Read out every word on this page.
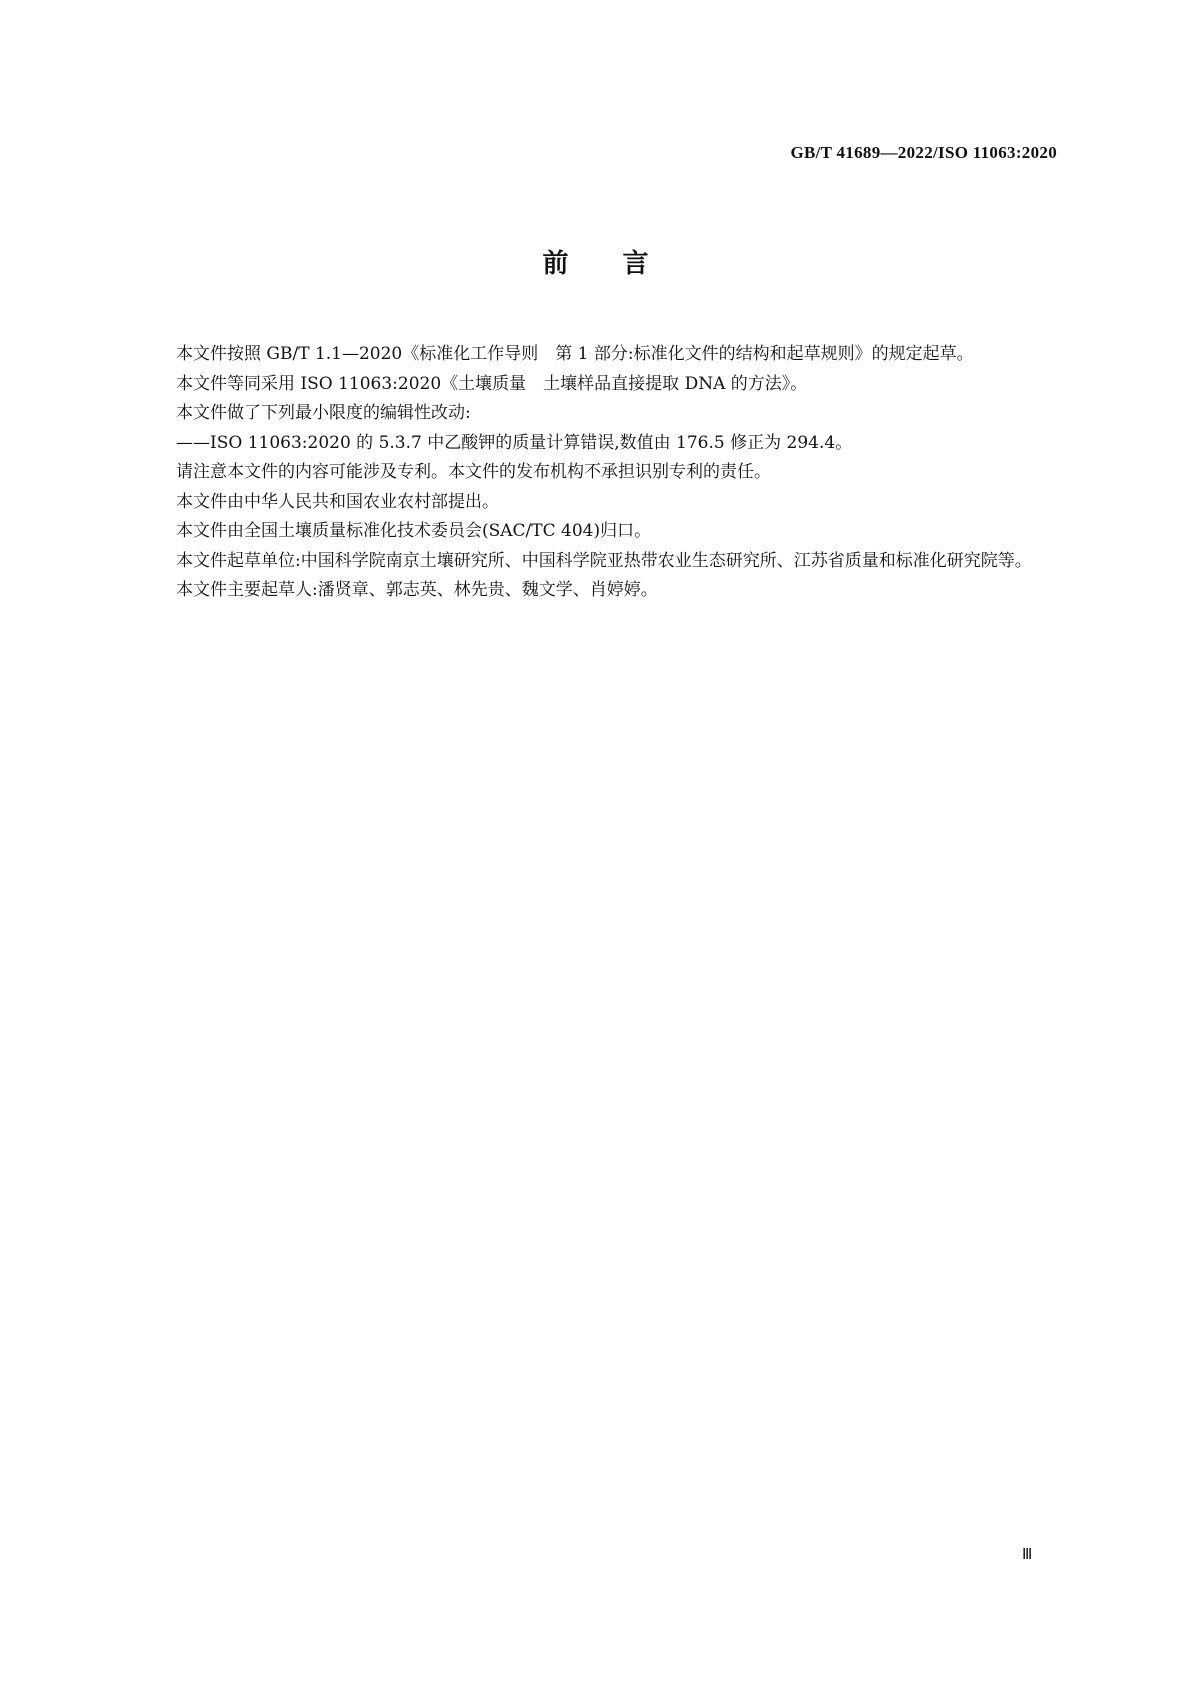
GB/T 41689—2022/ISO 11063:2020
前言

本文件按照 GB/T 1.1—2020《标准化工作导则　第 1 部分:标准化文件的结构和起草规则》的规定起草。

本文件等同采用 ISO 11063:2020《土壤质量　土壤样品直接提取 DNA 的方法》。

本文件做了下列最小限度的编辑性改动:

——ISO 11063:2020 的 5.3.7 中乙酸钾的质量计算错误,数值由 176.5 修正为 294.4。

请注意本文件的内容可能涉及专利。本文件的发布机构不承担识别专利的责任。

本文件由中华人民共和国农业农村部提出。

本文件由全国土壤质量标准化技术委员会(SAC/TC 404)归口。

本文件起草单位:中国科学院南京土壤研究所、中国科学院亚热带农业生态研究所、江苏省质量和标准化研究院等。

本文件主要起草人:潘贤章、郭志英、林先贵、魏文学、肖婷婷。

Ⅲ
